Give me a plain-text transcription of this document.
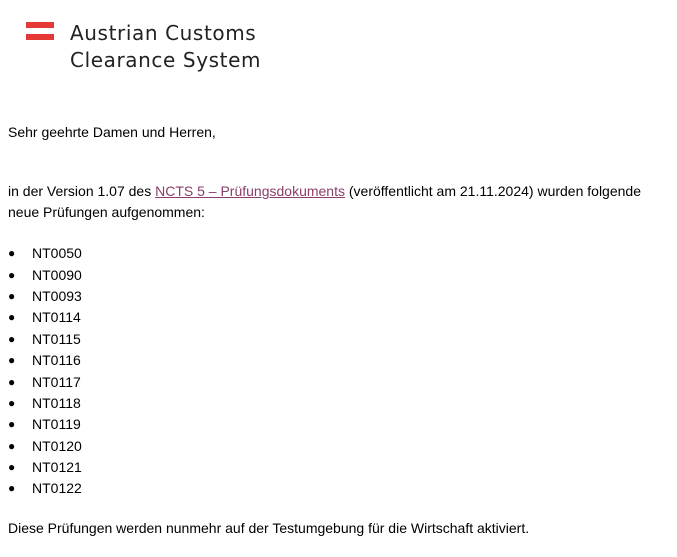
Austrian Customs
Clearance System
Sehr geehrte Damen und Herren,
in der Version 1.07 des NCTS 5 – Prüfungsdokuments (veröffentlicht am 21.11.2024) wurden folgende neue Prüfungen aufgenommen:
●	NT0050
●	NT0090
●	NT0093
●	NT0114
●	NT0115
●	NT0116
●	NT0117
●	NT0118
●	NT0119
●	NT0120
●	NT0121
●	NT0122
Diese Prüfungen werden nunmehr auf der Testumgebung für die Wirtschaft aktiviert.
